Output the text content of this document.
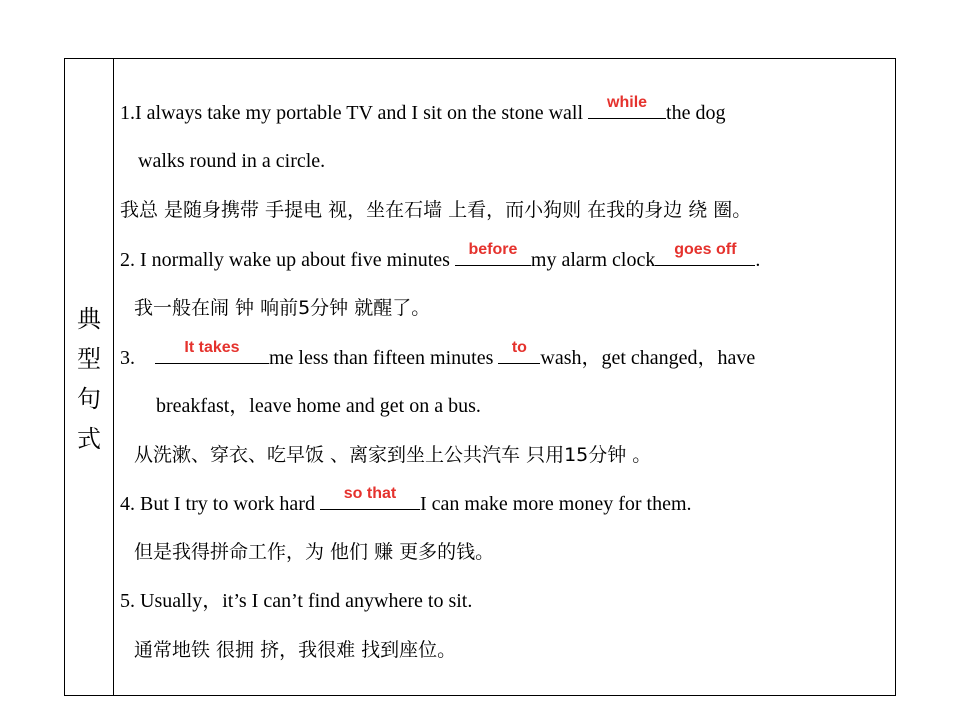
典
型
句
式
1.I always take my portable TV and I sit on the stone wall	while the dog
walks round in a circle.
我总 是随身携带 手提电 视，坐在石墙 上看，而小狗则 在我的身边 绕 圈。
2. I normally wake up about five minutes before my alarm clock	goes off .
我一般在闹 钟 响前5分钟 就醒了。
3.	It takes	me less than fifteen minutes to wash，get changed，have
breakfast，leave home and get on a bus.
从洗漱、穿衣、吃早饭 、离家到坐上公共汽车 只用15分钟 。
4. But I try to work hard	so that	I can make more money for them.
但是我得拼命工作，为 他们 赚 更多的钱。
5. Usually，it’s I can’t find anywhere to sit.
通常地铁 很拥 挤，我很难 找到座位。
